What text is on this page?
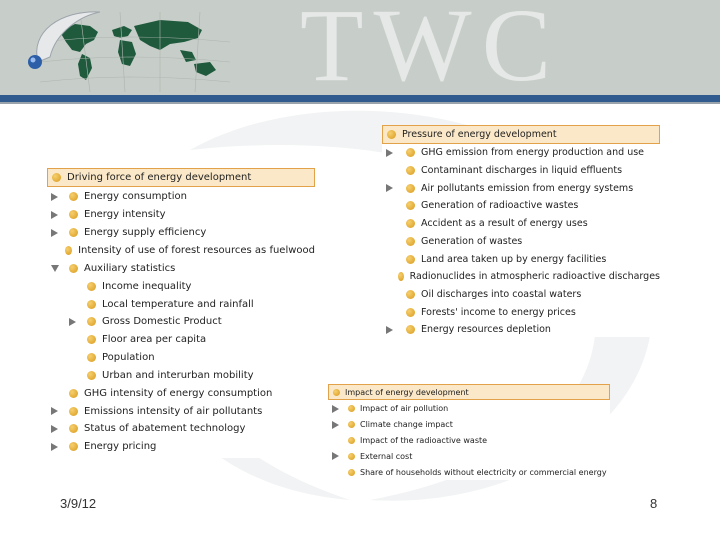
TWC
Driving force of energy development
Energy consumption
Energy intensity
Energy supply efficiency
Intensity of use of forest resources as fuelwood
Auxiliary statistics
Income inequality
Local temperature and rainfall
Gross Domestic Product
Floor area per capita
Population
Urban and interurban mobility
GHG intensity of energy consumption
Emissions intensity of air pollutants
Status of abatement technology
Energy pricing
Pressure of energy development
GHG emission from energy production and use
Contaminant discharges in liquid effluents
Air pollutants emission from energy systems
Generation of radioactive wastes
Accident as a result of energy uses
Generation of wastes
Land area taken up by energy facilities
Radionuclides in atmospheric radioactive discharges
Oil discharges into coastal waters
Forests' income to energy prices
Energy resources depletion
Impact of energy development
Impact of air pollution
Climate change impact
Impact of the radioactive waste
External cost
Share of households without electricity or commercial energy
3/9/12	8
